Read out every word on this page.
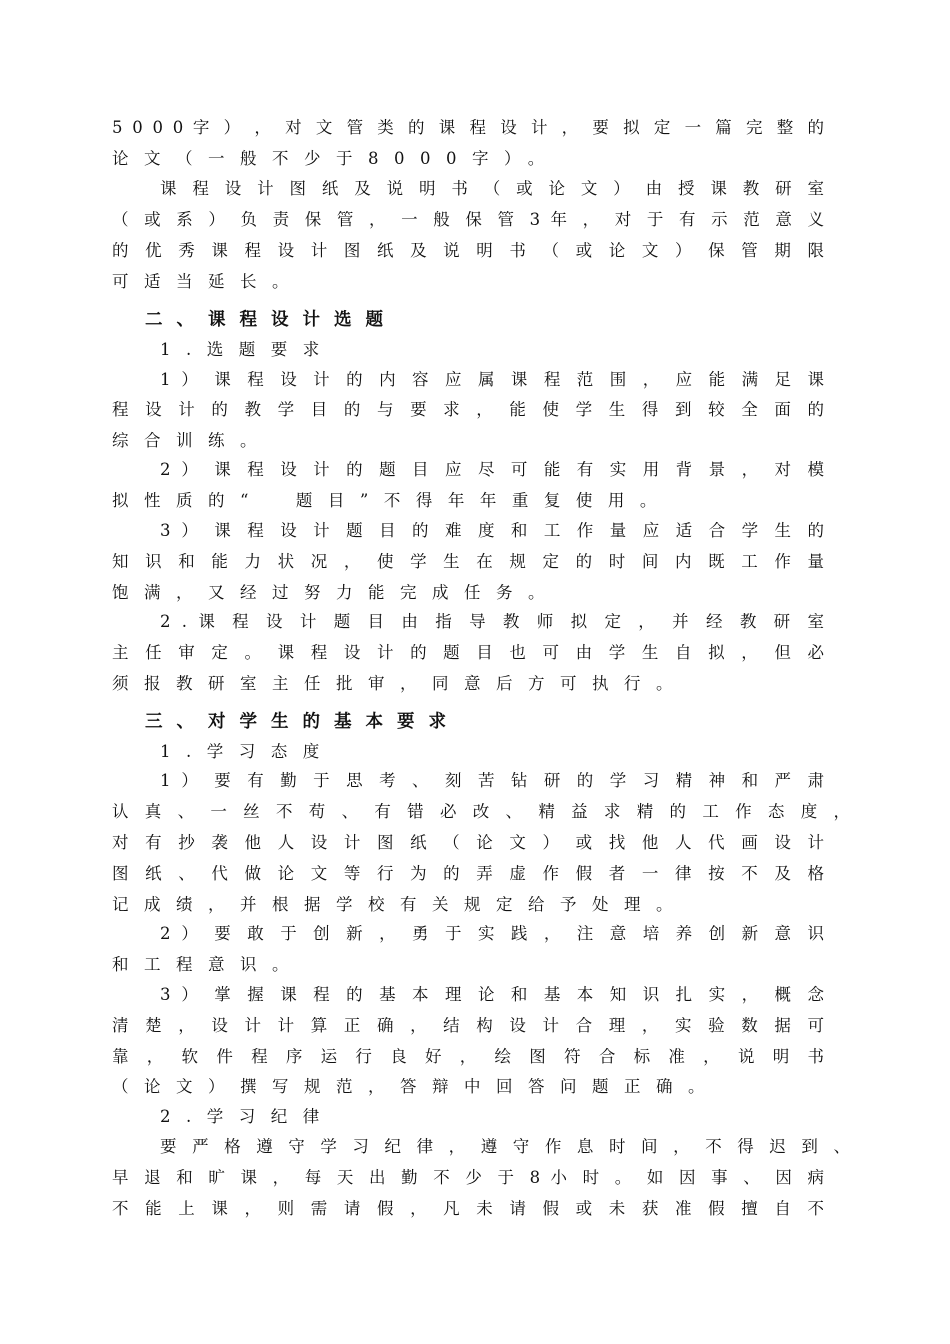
5 0 0 0 字 ） ， 对 文 管 类 的 课 程 设 计 ， 要 拟 定 一 篇 完 整 的
论文（一般不少于8000字）。
课 程 设 计 图 纸 及 说 明 书 （ 或 论 文 ） 由 授 课 教 研 室
（ 或 系 ） 负 责 保 管 ， 一 般 保 管 3 年 ， 对 于 有 示 范 意 义
的 优 秀 课 程 设 计 图 纸 及 说 明 书 （ 或 论 文 ） 保 管 期 限
可适当延长。
二、课程设计选题
1.选题要求
1 ） 课 程 设 计 的 内 容 应 属 课 程 范 围 ， 应 能 满 足 课
程 设 计 的 教 学 目 的 与 要 求 ， 能 使 学 生 得 到 较 全 面 的
综合训练。
2 ） 课 程 设 计 的 题 目 应 尽 可 能 有 实 用 背 景 ， 对 模
拟性质的“　题目”不得年年重复使用。
3 ） 课 程 设 计 题 目 的 难 度 和 工 作 量 应 适 合 学 生 的
知 识 和 能 力 状 况 ， 使 学 生 在 规 定 的 时 间 内 既 工 作 量
饱满，又经过努力能完成任务。
2 . 课 程 设 计 题 目 由 指 导 教 师 拟 定 ， 并 经 教 研 室
主 任 审 定 。 课 程 设 计 的 题 目 也 可 由 学 生 自 拟 ， 但 必
须报教研室主任批审，同意后方可执行。
三、对学生的基本要求
1.学习态度
1 ） 要 有 勤 于 思 考 、 刻 苦 钻 研 的 学 习 精 神 和 严 肃
认 真 、 一 丝 不 苟 、 有 错 必 改 、 精 益 求 精 的 工 作 态 度 ，
对 有 抄 袭 他 人 设 计 图 纸 （ 论 文 ） 或 找 他 人 代 画 设 计
图 纸 、 代 做 论 文 等 行 为 的 弄 虚 作 假 者 一 律 按 不 及 格
记成绩，并根据学校有关规定给予处理。
2 ） 要 敢 于 创 新 ， 勇 于 实 践 ， 注 意 培 养 创 新 意 识
和工程意识。
3 ） 掌 握 课 程 的 基 本 理 论 和 基 本 知 识 扎 实 ， 概 念
清 楚 ， 设 计 计 算 正 确 ， 结 构 设 计 合 理 ， 实 验 数 据 可
靠 ， 软 件 程 序 运 行 良 好 ， 绘 图 符 合 标 准 ， 说 明 书
（论文）撰写规范，答辩中回答问题正确。
2.学习纪律
要 严 格 遵 守 学 习 纪 律 ， 遵 守 作 息 时 间 ， 不 得 迟 到 、
早 退 和 旷 课 ， 每 天 出 勤 不 少 于 8 小 时 。 如 因 事 、 因 病
不 能 上 课 ， 则 需 请 假 ， 凡 未 请 假 或 未 获 准 假 擅 自 不
